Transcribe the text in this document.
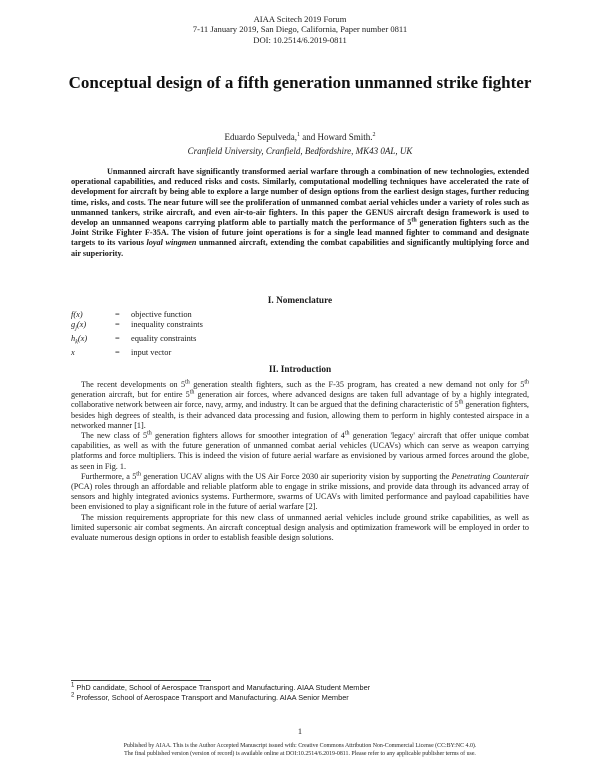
AIAA Scitech 2019 Forum
7-11 January 2019, San Diego, California, Paper number 0811
DOI: 10.2514/6.2019-0811
Conceptual design of a fifth generation unmanned strike fighter
Eduardo Sepulveda,$^1$ and Howard Smith.$^2$
Cranfield University, Cranfield, Bedfordshire, MK43 0AL, UK

Unmanned aircraft have significantly transformed aerial warfare through a combination of new technologies, extended operational capabilities, and reduced risks and costs. Similarly, computational modelling techniques have accelerated the rate of development for aircraft by being able to explore a large number of design options from the earliest design stages, further reducing time, risks, and costs. The near future will see the proliferation of unmanned combat aerial vehicles under a variety of roles such as unmanned tankers, strike aircraft, and even air-to-air fighters. In this paper the GENUS aircraft design framework is used to develop an unmanned weapons carrying platform able to partially match the performance of 5th generation fighters such as the Joint Strike Fighter F-35A. The vision of future joint operations is for a single lead manned fighter to command and designate targets to its various loyal wingmen unmanned aircraft, extending the combat capabilities and significantly multiplying force and air superiority.

I. Nomenclature
f(x)	=	objective function
$g_j(x)$	=	inequality constraints
$h_k(x)$	=	equality constraints
x	=	input vector
II. Introduction

The recent developments on 5th generation stealth fighters, such as the F-35 program, has created a new demand not only for 5th generation aircraft, but for entire 5th generation air forces, where advanced designs are taken full advantage of by a highly integrated, collaborative network between air force, navy, army, and industry. It can be argued that the defining characteristic of 5th generation fighters, besides high degrees of stealth, is their advanced data processing and fusion, allowing them to perform in highly contested airspace in a networked manner [1].

The new class of 5th generation fighters allows for smoother integration of 4th generation 'legacy' aircraft that offer unique combat capabilities, as well as with the future generation of unmanned combat aerial vehicles (UCAVs) which can serve as weapon carrying platforms and force multipliers. This is indeed the vision of future aerial warfare as envisioned by various armed forces around the globe, as seen in Fig. 1.

Furthermore, a 5th generation UCAV aligns with the US Air Force 2030 air superiority vision by supporting the Penetrating Counterair (PCA) roles through an affordable and reliable platform able to engage in strike missions, and provide data through its advanced array of sensors and highly integrated avionics systems. Furthermore, swarms of UCAVs with limited performance and payload capabilities have been envisioned to play a significant role in the future of aerial warfare [2].

The mission requirements appropriate for this new class of unmanned aerial vehicles include ground strike capabilities, as well as limited supersonic air combat segments. An aircraft conceptual design analysis and optimization framework will be employed in order to evaluate numerous design options in order to establish feasible design solutions.

$^1$ PhD candidate, School of Aerospace Transport and Manufacturing. AIAA Student Member
$^2$ Professor, School of Aerospace Transport and Manufacturing. AIAA Senior Member
1
Published by AIAA. This is the Author Accepted Manuscript issued with: Creative Commons Attribution Non-Commercial License (CC:BY:NC 4.0).
The final published version (version of record) is available online at DOI:10.2514/6.2019-0811. Please refer to any applicable publisher terms of use.
